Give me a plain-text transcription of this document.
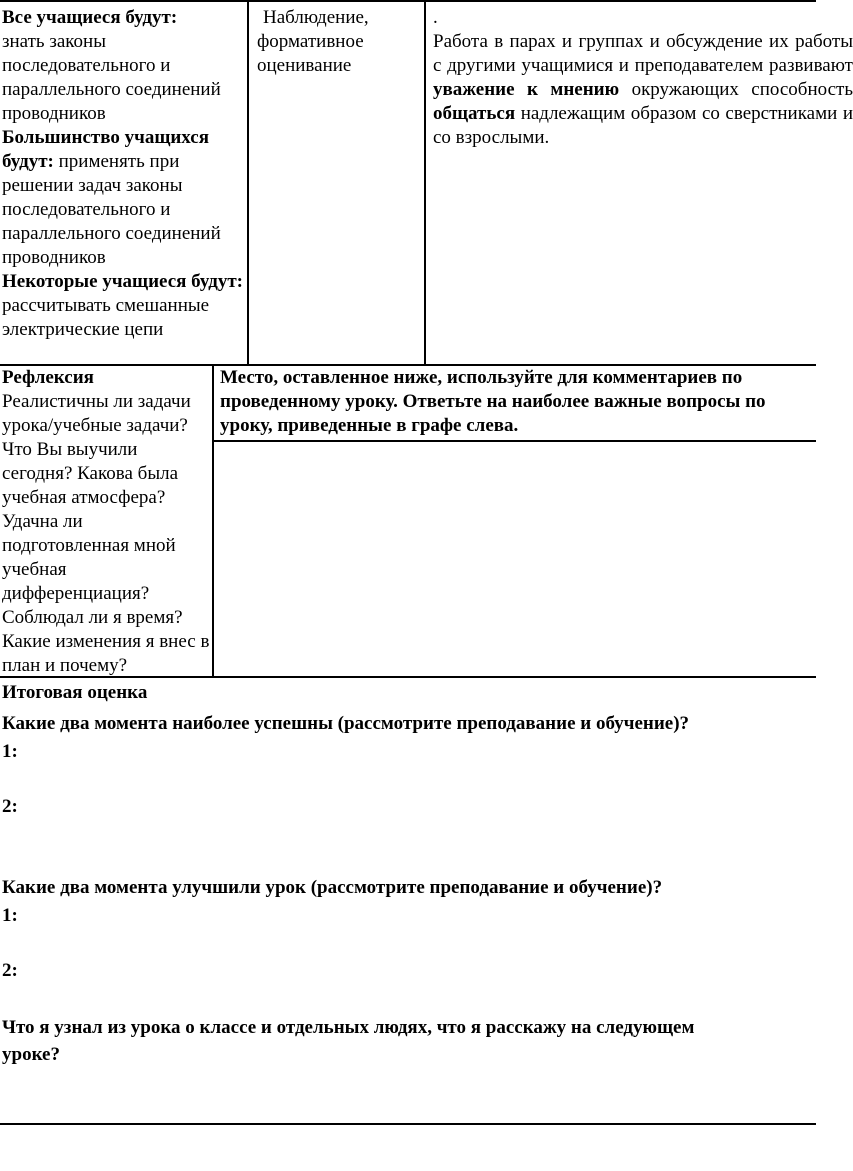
Все учащиеся будут:
знать законы последовательного и параллельного соединений проводников

Большинство учащихся будут: применять при решении задач законы последовательного и параллельного соединений проводников

Некоторые учащиеся будут: рассчитывать смешанные электрические цепи

Наблюдение, формативное оценивание

.

Работа в парах и группах и обсуждение их работы с другими учащимися и преподавателем развивают уважение к мнению окружающих способность общаться надлежащим образом со сверстниками и со взрослыми.

Рефлексия

Реалистичны ли задачи урока/учебные задачи? Что Вы выучили сегодня? Какова была учебная атмосфера? Удачна ли подготовленная мной учебная дифференциация? Соблюдал ли я время? Какие изменения я внес в план и почему?

Место, оставленное ниже, используйте для комментариев по проведенному уроку. Ответьте на наиболее важные вопросы по уроку, приведенные в графе слева.

Итоговая оценка
Какие два момента наиболее успешны (рассмотрите преподавание и обучение)?
1:
2:
Какие два момента улучшили урок (рассмотрите преподавание и обучение)?
1:
2:
Что я узнал из урока о классе и отдельных людях, что я расскажу на следующем
уроке?
